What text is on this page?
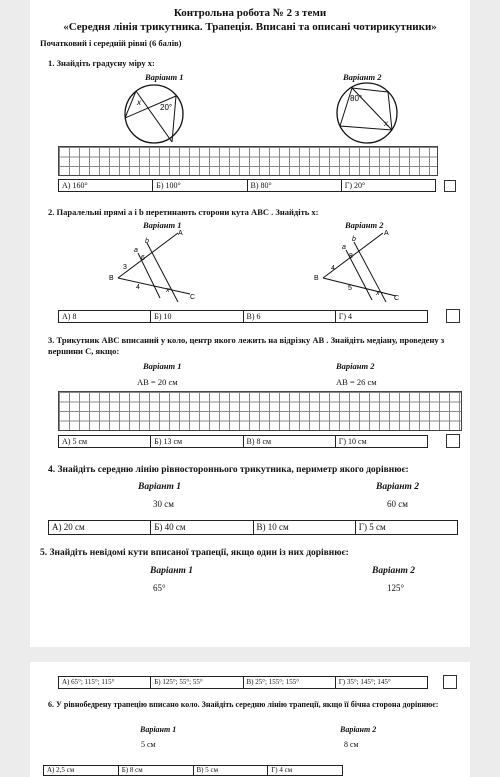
Контрольна робота № 2 з теми
«Середня лінія трикутника. Трапеція. Вписані та описані чотирикутники»
Початковий і середній рівні (6 балів)
1. Знайдіть градусну міру x:
Варіант 1	Варіант 2
x
20°
80°
x
А) 160°	Б) 100°	В) 80°	Г) 20°
2. Паралельні прямі a і b перетинають сторони кута ABC . Знайдіть x:
Варіант 1	Варіант 2
A
B
C
a
b
6
3
4	x
A
B
C
a
b
8
4
5
x
А) 8	Б) 10	В) 6	Г) 4
3. Трикутник ABC вписаний у коло, центр якого лежить на відрізку AB . Знайдіть медіану, проведену з вершини C, якщо:
Варіант 1	Варіант 2
AB = 20 см	AB = 26 см
А) 5 см	Б) 13 см	В) 8 см	Г) 10 см
4. Знайдіть середню лінію рівностороннього трикутника, периметр якого дорівнює:
Варіант 1	Варіант 2
30 см	60 см
А) 20 см	Б) 40 см	В) 10 см	Г) 5 см
5. Знайдіть невідомі кути вписаної трапеції, якщо один із них дорівнює:
Варіант 1	Варіант 2
65°	125°
А) 65°; 115°; 115°	Б) 125°; 55°; 55°	В) 25°; 155°; 155°	Г) 35°; 145°; 145°
6. У рівнобедрену трапецію вписано коло. Знайдіть середню лінію трапеції, якщо її бічна сторона дорівнює:
Варіант 1	Варіант 2
5 см	8 см
А) 2,5 см	Б) 8 см	В) 5 см	Г) 4 см
